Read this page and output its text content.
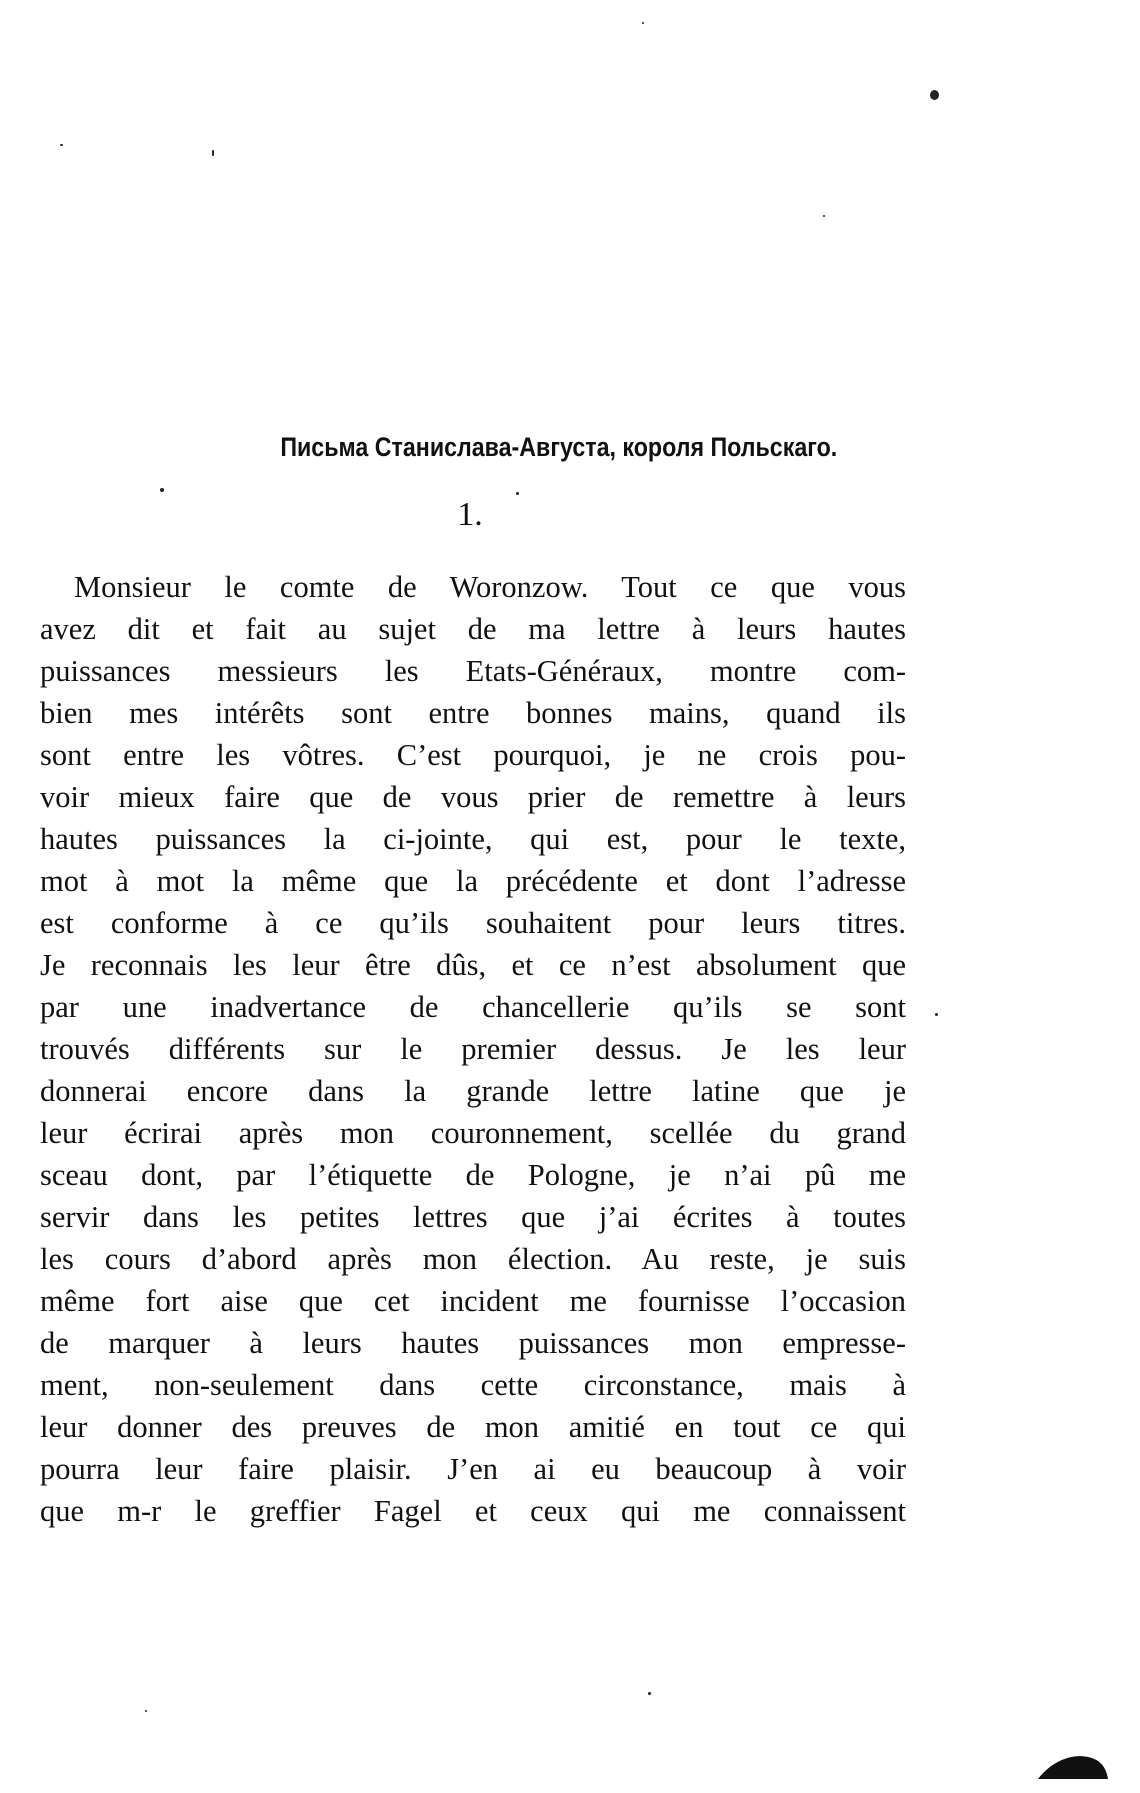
Письма Станислава-Августа, короля Польскаго.
1.
Monsieur le comte de Woronzow. Tout ce que vous
avez dit et fait au sujet de ma lettre à leurs hautes
puissances messieurs les Etats-Généraux, montre com-
bien mes intérêts sont entre bonnes mains, quand ils
sont entre les vôtres. C’est pourquoi, je ne crois pou-
voir mieux faire que de vous prier de remettre à leurs
hautes puissances la ci-jointe, qui est, pour le texte,
mot à mot la même que la précédente et dont l’adresse
est conforme à ce qu’ils souhaitent pour leurs titres.
Je reconnais les leur être dûs, et ce n’est absolument que
par une inadvertance de chancellerie qu’ils se sont
trouvés différents sur le premier dessus. Je les leur
donnerai encore dans la grande lettre latine que je
leur écrirai après mon couronnement, scellée du grand
sceau dont, par l’étiquette de Pologne, je n’ai pû me
servir dans les petites lettres que j’ai écrites à toutes
les cours d’abord après mon élection. Au reste, je suis
même fort aise que cet incident me fournisse l’occasion
de marquer à leurs hautes puissances mon empresse-
ment, non-seulement dans cette circonstance, mais à
leur donner des preuves de mon amitié en tout ce qui
pourra leur faire plaisir. J’en ai eu beaucoup à voir
que m-r le greffier Fagel et ceux qui me connaissent
